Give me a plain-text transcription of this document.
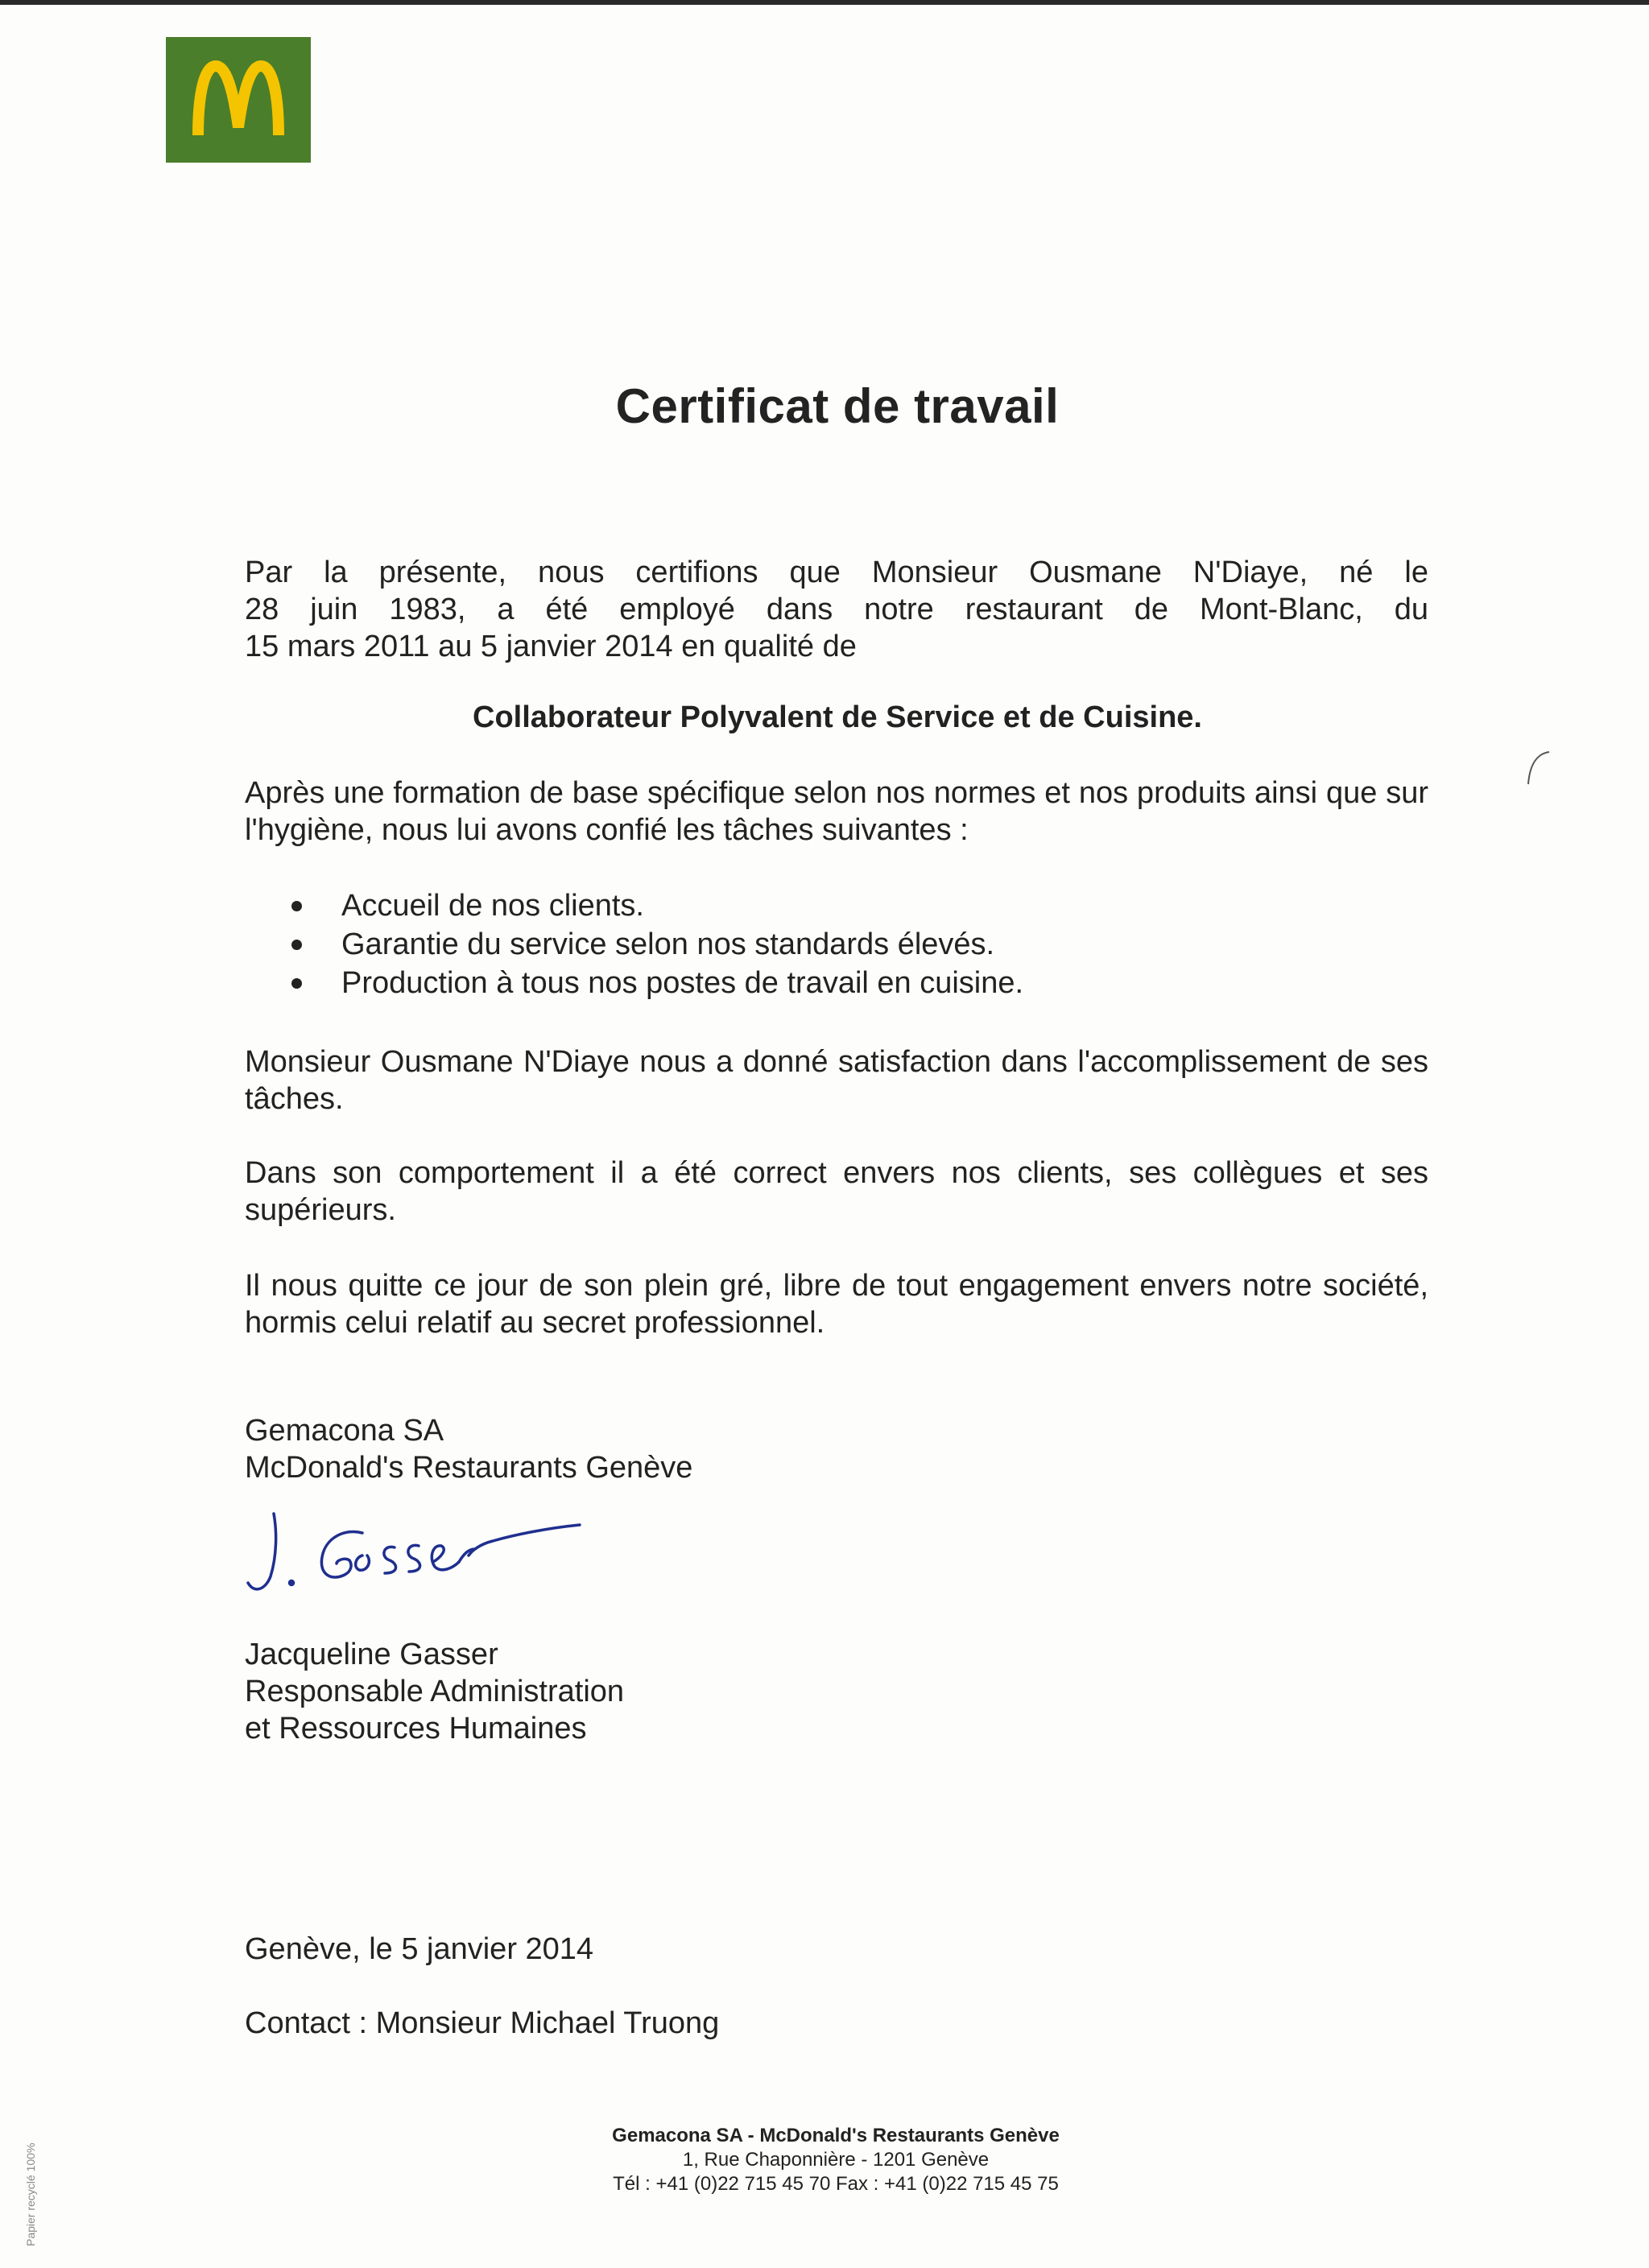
Certificat de travail
Par la présente, nous certifions que Monsieur Ousmane N'Diaye, né le
28 juin 1983, a été employé dans notre restaurant de Mont-Blanc, du
15 mars 2011 au 5 janvier 2014 en qualité de
Collaborateur Polyvalent de Service et de Cuisine.
Après une formation de base spécifique selon nos normes et nos produits ainsi que sur l'hygiène, nous lui avons confié les tâches suivantes :
Accueil de nos clients.
Garantie du service selon nos standards élevés.
Production à tous nos postes de travail en cuisine.
Monsieur Ousmane N'Diaye nous a donné satisfaction dans l'accomplissement de ses tâches.
Dans son comportement il a été correct envers nos clients, ses collègues et ses supérieurs.
Il nous quitte ce jour de son plein gré, libre de tout engagement envers notre société, hormis celui relatif au secret professionnel.
Gemacona SA
McDonald's Restaurants Genève
Jacqueline Gasser
Responsable Administration
et Ressources Humaines
Genève, le 5 janvier 2014
Contact : Monsieur Michael Truong
Gemacona SA - McDonald's Restaurants Genève
1, Rue Chaponnière - 1201 Genève
Tél : +41 (0)22 715 45 70 Fax : +41 (0)22 715 45 75
Papier recyclé 100%
